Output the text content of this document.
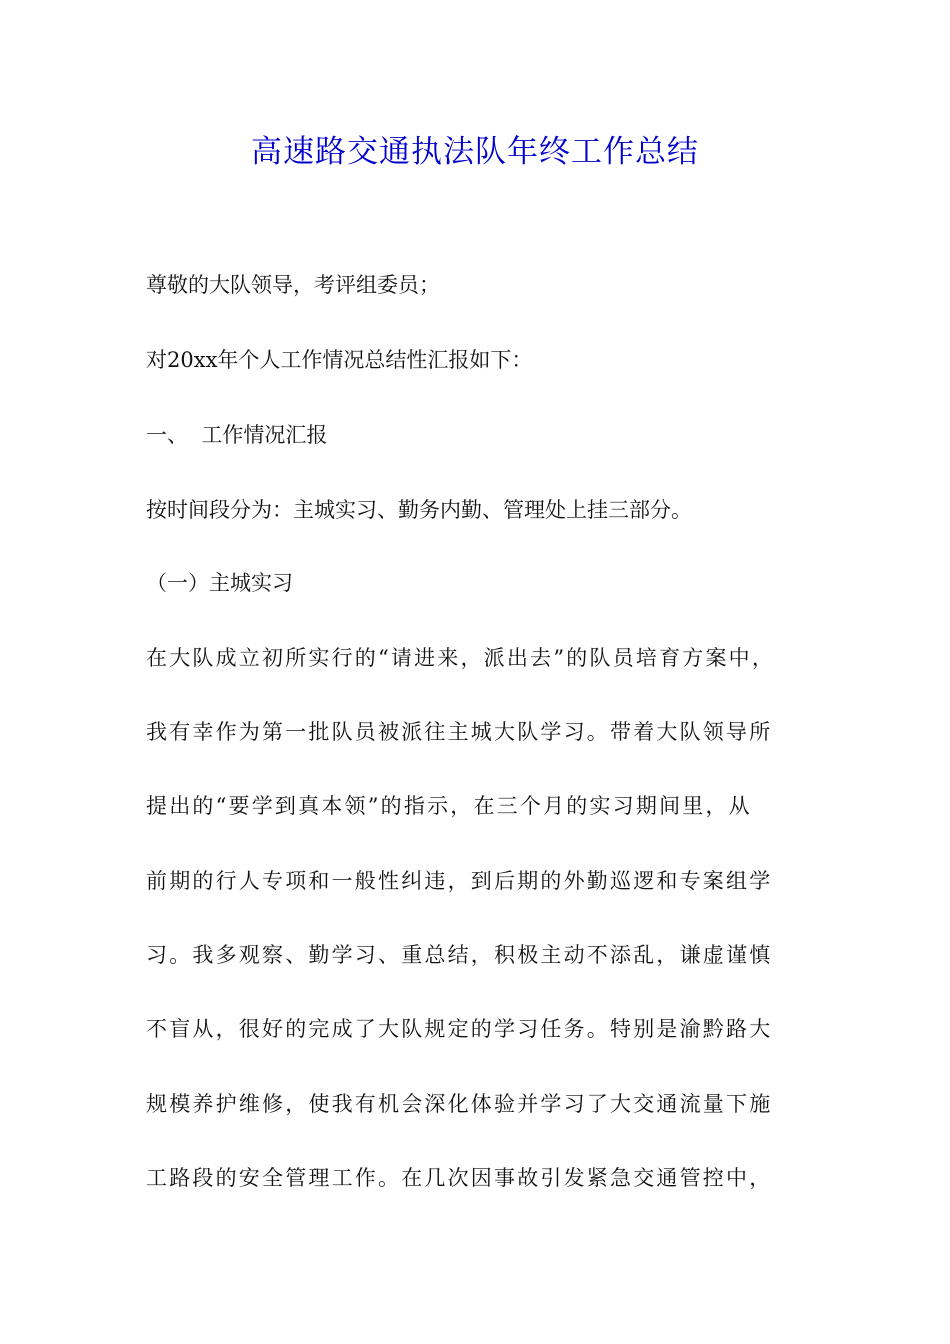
高速路交通执法队年终工作总结

尊敬的大队领导，考评组委员；

对20xx年个人工作情况总结性汇报如下：

一、  工作情况汇报

按时间段分为：主城实习、勤务内勤、管理处上挂三部分。

（一）主城实习

在大队成立初所实行的“请进来，派出去”的队员培育方案中，

我有幸作为第一批队员被派往主城大队学习。带着大队领导所

提出的“要学到真本领”的指示，在三个月的实习期间里，从

前期的行人专项和一般性纠违，到后期的外勤巡逻和专案组学

习。我多观察、勤学习、重总结，积极主动不添乱，谦虚谨慎

不盲从，很好的完成了大队规定的学习任务。特别是渝黔路大

规模养护维修，使我有机会深化体验并学习了大交通流量下施

工路段的安全管理工作。在几次因事故引发紧急交通管控中，
